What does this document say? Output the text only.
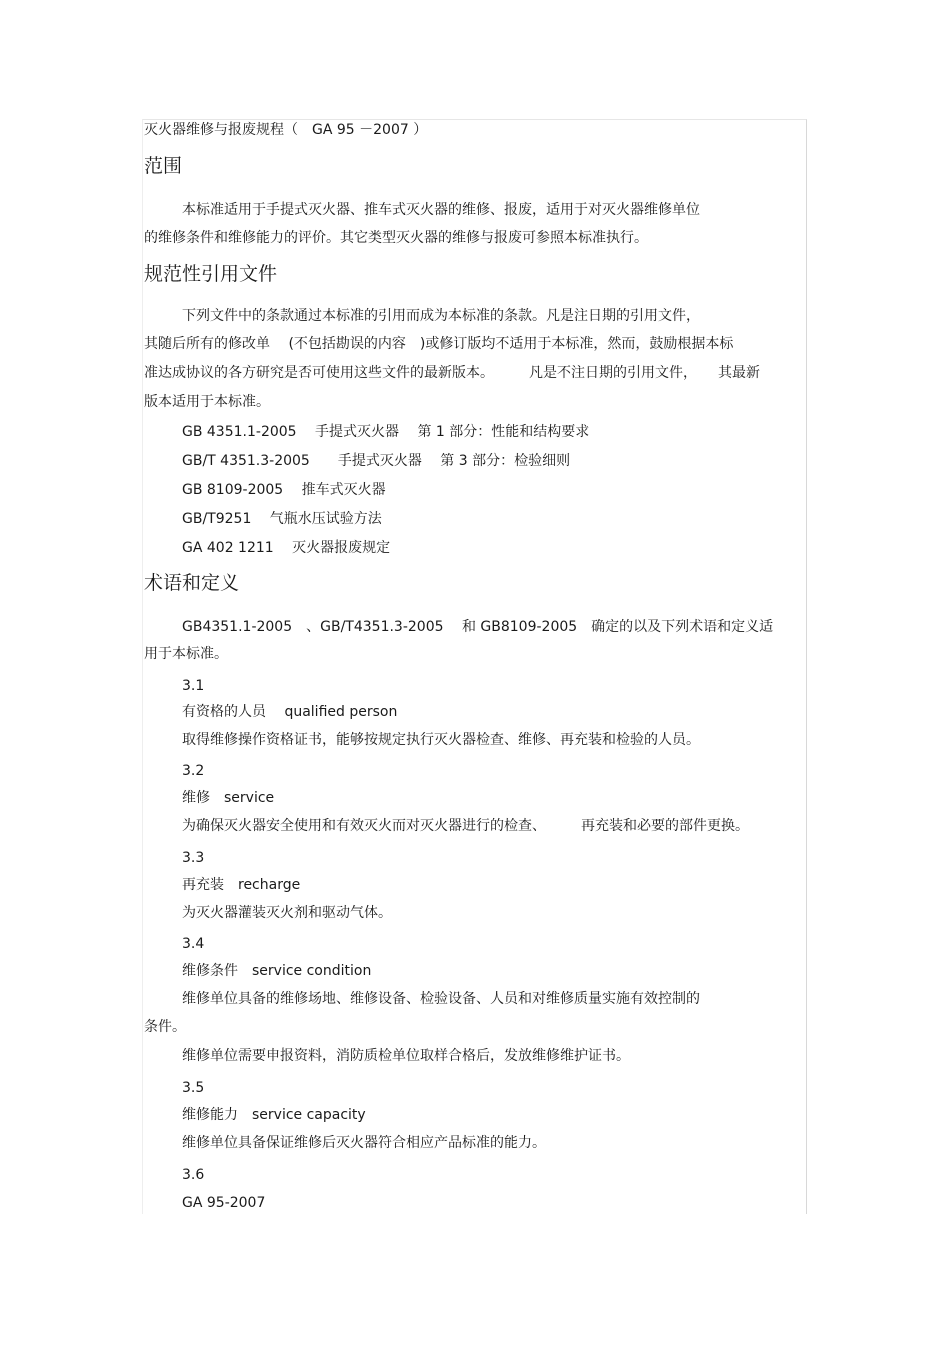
灭火器维修与报废规程（　GA 95 －2007 ）
范围
本标准适用于手提式灭火器、推车式灭火器的维修、报废，适用于对灭火器维修单位
的维修条件和维修能力的评价。其它类型灭火器的维修与报废可参照本标准执行。
规范性引用文件
下列文件中的条款通过本标准的引用而成为本标准的条款。凡是注日期的引用文件，
其随后所有的修改单　 (不包括勘误的内容　)或修订版均不适用于本标准，然而，鼓励根据本标
准达成协议的各方研究是否可使用这些文件的最新版本。　　　凡是不注日期的引用文件，　　其最新
版本适用于本标准。
GB 4351.1-2005　 手提式灭火器　 第 1 部分：性能和结构要求
GB/T 4351.3-2005　　手提式灭火器　 第 3 部分：检验细则
GB 8109-2005　 推车式灭火器
GB/T9251　 气瓶水压试验方法
GA 402 1211　 灭火器报废规定
术语和定义
GB4351.1-2005　、GB/T4351.3-2005　 和 GB8109-2005　确定的以及下列术语和定义适
用于本标准。
3.1
有资格的人员　 qualified person
取得维修操作资格证书，能够按规定执行灭火器检查、维修、再充装和检验的人员。
3.2
维修　service
为确保灭火器安全使用和有效灭火而对灭火器进行的检查、　　　再充装和必要的部件更换。
3.3
再充装　recharge
为灭火器灌装灭火剂和驱动气体。
3.4
维修条件　service condition
维修单位具备的维修场地、维修设备、检验设备、人员和对维修质量实施有效控制的
条件。
维修单位需要申报资料，消防质检单位取样合格后，发放维修维护证书。
3.5
维修能力　service capacity
维修单位具备保证维修后灭火器符合相应产品标准的能力。
3.6
GA 95-2007
